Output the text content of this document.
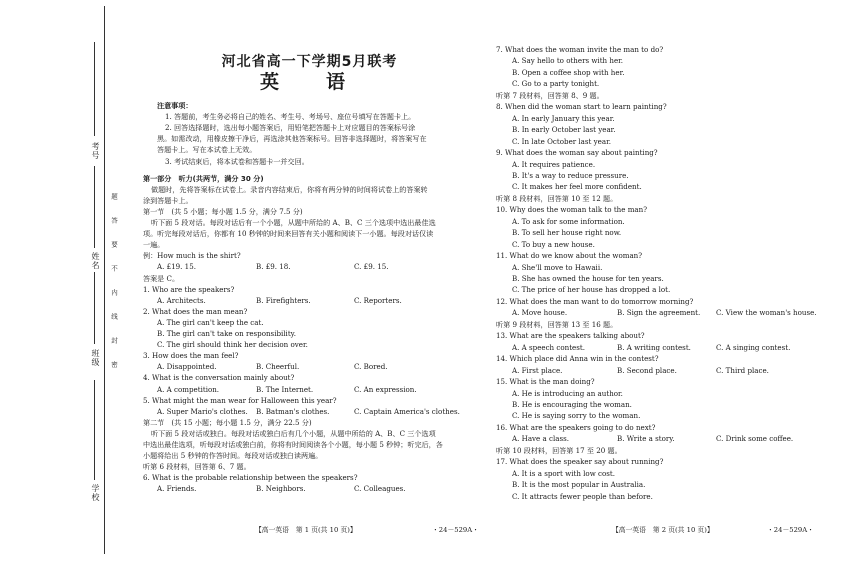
考号
姓名
班级
学校
题
答
要
不
内
线
封
密
河北省高一下学期5月联考
英　语
注意事项：
1. 答题前，考生务必将自己的姓名、考生号、考场号、座位号填写在答题卡上。
2. 回答选择题时，选出每小题答案后，用铅笔把答题卡上对应题目的答案标号涂
黑。如需改动，用橡皮擦干净后，再选涂其他答案标号。回答非选择题时，将答案写在
答题卡上。写在本试卷上无效。
3. 考试结束后，将本试卷和答题卡一并交回。
第一部分　听力(共两节，满分 30 分)
做题时，先将答案标在试卷上。录音内容结束后，你将有两分钟的时间将试卷上的答案转
涂到答题卡上。
第一节　(共 5 小题；每小题 1.5 分，满分 7.5 分)
听下面 5 段对话。每段对话后有一个小题，从题中所给的 A、B、C 三个选项中选出最佳选
项。听完每段对话后，你都有 10 秒钟的时间来回答有关小题和阅读下一小题。每段对话仅读
一遍。
例：How much is the shirt?
A. £19. 15.	B. £9. 18.	C. £9. 15.
答案是 C。
1. Who are the speakers?
A. Architects.	B. Firefighters.	C. Reporters.
2. What does the man mean?
A. The girl can't keep the cat.
B. The girl can't take on responsibility.
C. The girl should think her decision over.
3. How does the man feel?
A. Disappointed.	B. Cheerful.	C. Bored.
4. What is the conversation mainly about?
A. A competition.	B. The Internet.	C. An expression.
5. What might the man wear for Halloween this year?
A. Super Mario's clothes. B. Batman's clothes.	C. Captain America's clothes.
第二节　(共 15 小题；每小题 1.5 分，满分 22.5 分)
听下面 5 段对话或独白。每段对话或独白后有几个小题，从题中所给的 A、B、C 三个选项
中选出最佳选项，听每段对话或独白前，你将有时间阅读各个小题，每小题 5 秒钟；听完后，各
小题将给出 5 秒钟的作答时间。每段对话或独白读两遍。
听第 6 段材料，回答第 6、7 题。
6. What is the probable relationship between the speakers?
A. Friends.	B. Neighbors.	C. Colleagues.
【高一英语　第 1 页(共 10 页)】	・24－529A・
7. What does the woman invite the man to do?
A. Say hello to others with her.
B. Open a coffee shop with her.
C. Go to a party tonight.
听第 7 段材料，回答第 8、9 题。
8. When did the woman start to learn painting?
A. In early January this year.
B. In early October last year.
C. In late October last year.
9. What does the woman say about painting?
A. It requires patience.
B. It's a way to reduce pressure.
C. It makes her feel more confident.
听第 8 段材料，回答第 10 至 12 题。
10. Why does the woman talk to the man?
A. To ask for some information.
B. To sell her house right now.
C. To buy a new house.
11. What do we know about the woman?
A. She'll move to Hawaii.
B. She has owned the house for ten years.
C. The price of her house has dropped a lot.
12. What does the man want to do tomorrow morning?
A. Move house.	B. Sign the agreement. C. View the woman's house.
听第 9 段材料，回答第 13 至 16 题。
13. What are the speakers talking about?
A. A speech contest.	B. A writing contest.	C. A singing contest.
14. Which place did Anna win in the contest?
A. First place.	B. Second place.	C. Third place.
15. What is the man doing?
A. He is introducing an author.
B. He is encouraging the woman.
C. He is saying sorry to the woman.
16. What are the speakers going to do next?
A. Have a class.	B. Write a story.	C. Drink some coffee.
听第 10 段材料，回答第 17 至 20 题。
17. What does the speaker say about running?
A. It is a sport with low cost.
B. It is the most popular in Australia.
C. It attracts fewer people than before.
【高一英语　第 2 页(共 10 页)】	・24－529A・
